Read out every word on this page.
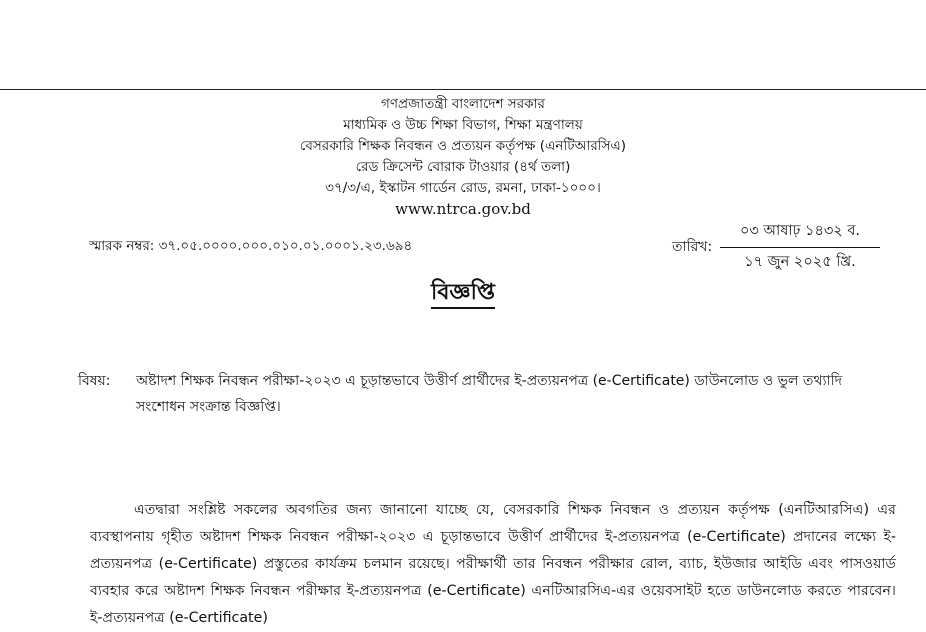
গণপ্রজাতন্ত্রী বাংলাদেশ সরকার
মাধ্যমিক ও উচ্চ শিক্ষা বিভাগ, শিক্ষা মন্ত্রণালয়
বেসরকারি শিক্ষক নিবন্ধন ও প্রত্যয়ন কর্তৃপক্ষ (এনটিআরসিএ)
রেড ক্রিসেন্ট বোরাক টাওয়ার (৪র্থ তলা)
৩৭/৩/এ, ইস্কাটন গার্ডেন রোড, রমনা, ঢাকা-১০০০।
www.ntrca.gov.bd
স্মারক নম্বর: ৩৭.০৫.০০০০.০০০.০১০.০১.০০০১.২৩.৬৯৪	তারিখ:
০৩ আষাঢ় ১৪৩২ ব.
১৭ জুন ২০২৫ খ্রি.
বিজ্ঞপ্তি
বিষয়: অষ্টাদশ শিক্ষক নিবন্ধন পরীক্ষা-২০২৩ এ চূড়ান্তভাবে উত্তীর্ণ প্রার্থীদের ই-প্রত্যয়নপত্র (e-Certificate) ডাউনলোড ও ভুল তথ্যাদি সংশোধন সংক্রান্ত বিজ্ঞপ্তি।
এতদ্বারা সংশ্লিষ্ট সকলের অবগতির জন্য জানানো যাচ্ছে যে, বেসরকারি শিক্ষক নিবন্ধন ও প্রত্যয়ন কর্তৃপক্ষ (এনটিআরসিএ) এর ব্যবস্থাপনায় গৃহীত অষ্টাদশ শিক্ষক নিবন্ধন পরীক্ষা-২০২৩ এ চূড়ান্তভাবে উত্তীর্ণ প্রার্থীদের ই-প্রত্যয়নপত্র (e-Certificate) প্রদানের লক্ষ্যে ই-প্রত্যয়নপত্র (e-Certificate) প্রস্তুতের কার্যক্রম চলমান রয়েছে। পরীক্ষার্থী তার নিবন্ধন পরীক্ষার রোল, ব্যাচ, ইউজার আইডি এবং পাসওয়ার্ড ব্যবহার করে অষ্টাদশ শিক্ষক নিবন্ধন পরীক্ষার ই-প্রত্যয়নপত্র (e-Certificate) এনটিআরসিএ-এর ওয়েবসাইট হতে ডাউনলোড করতে পারবেন। ই-প্রত্যয়নপত্র (e-Certificate)
